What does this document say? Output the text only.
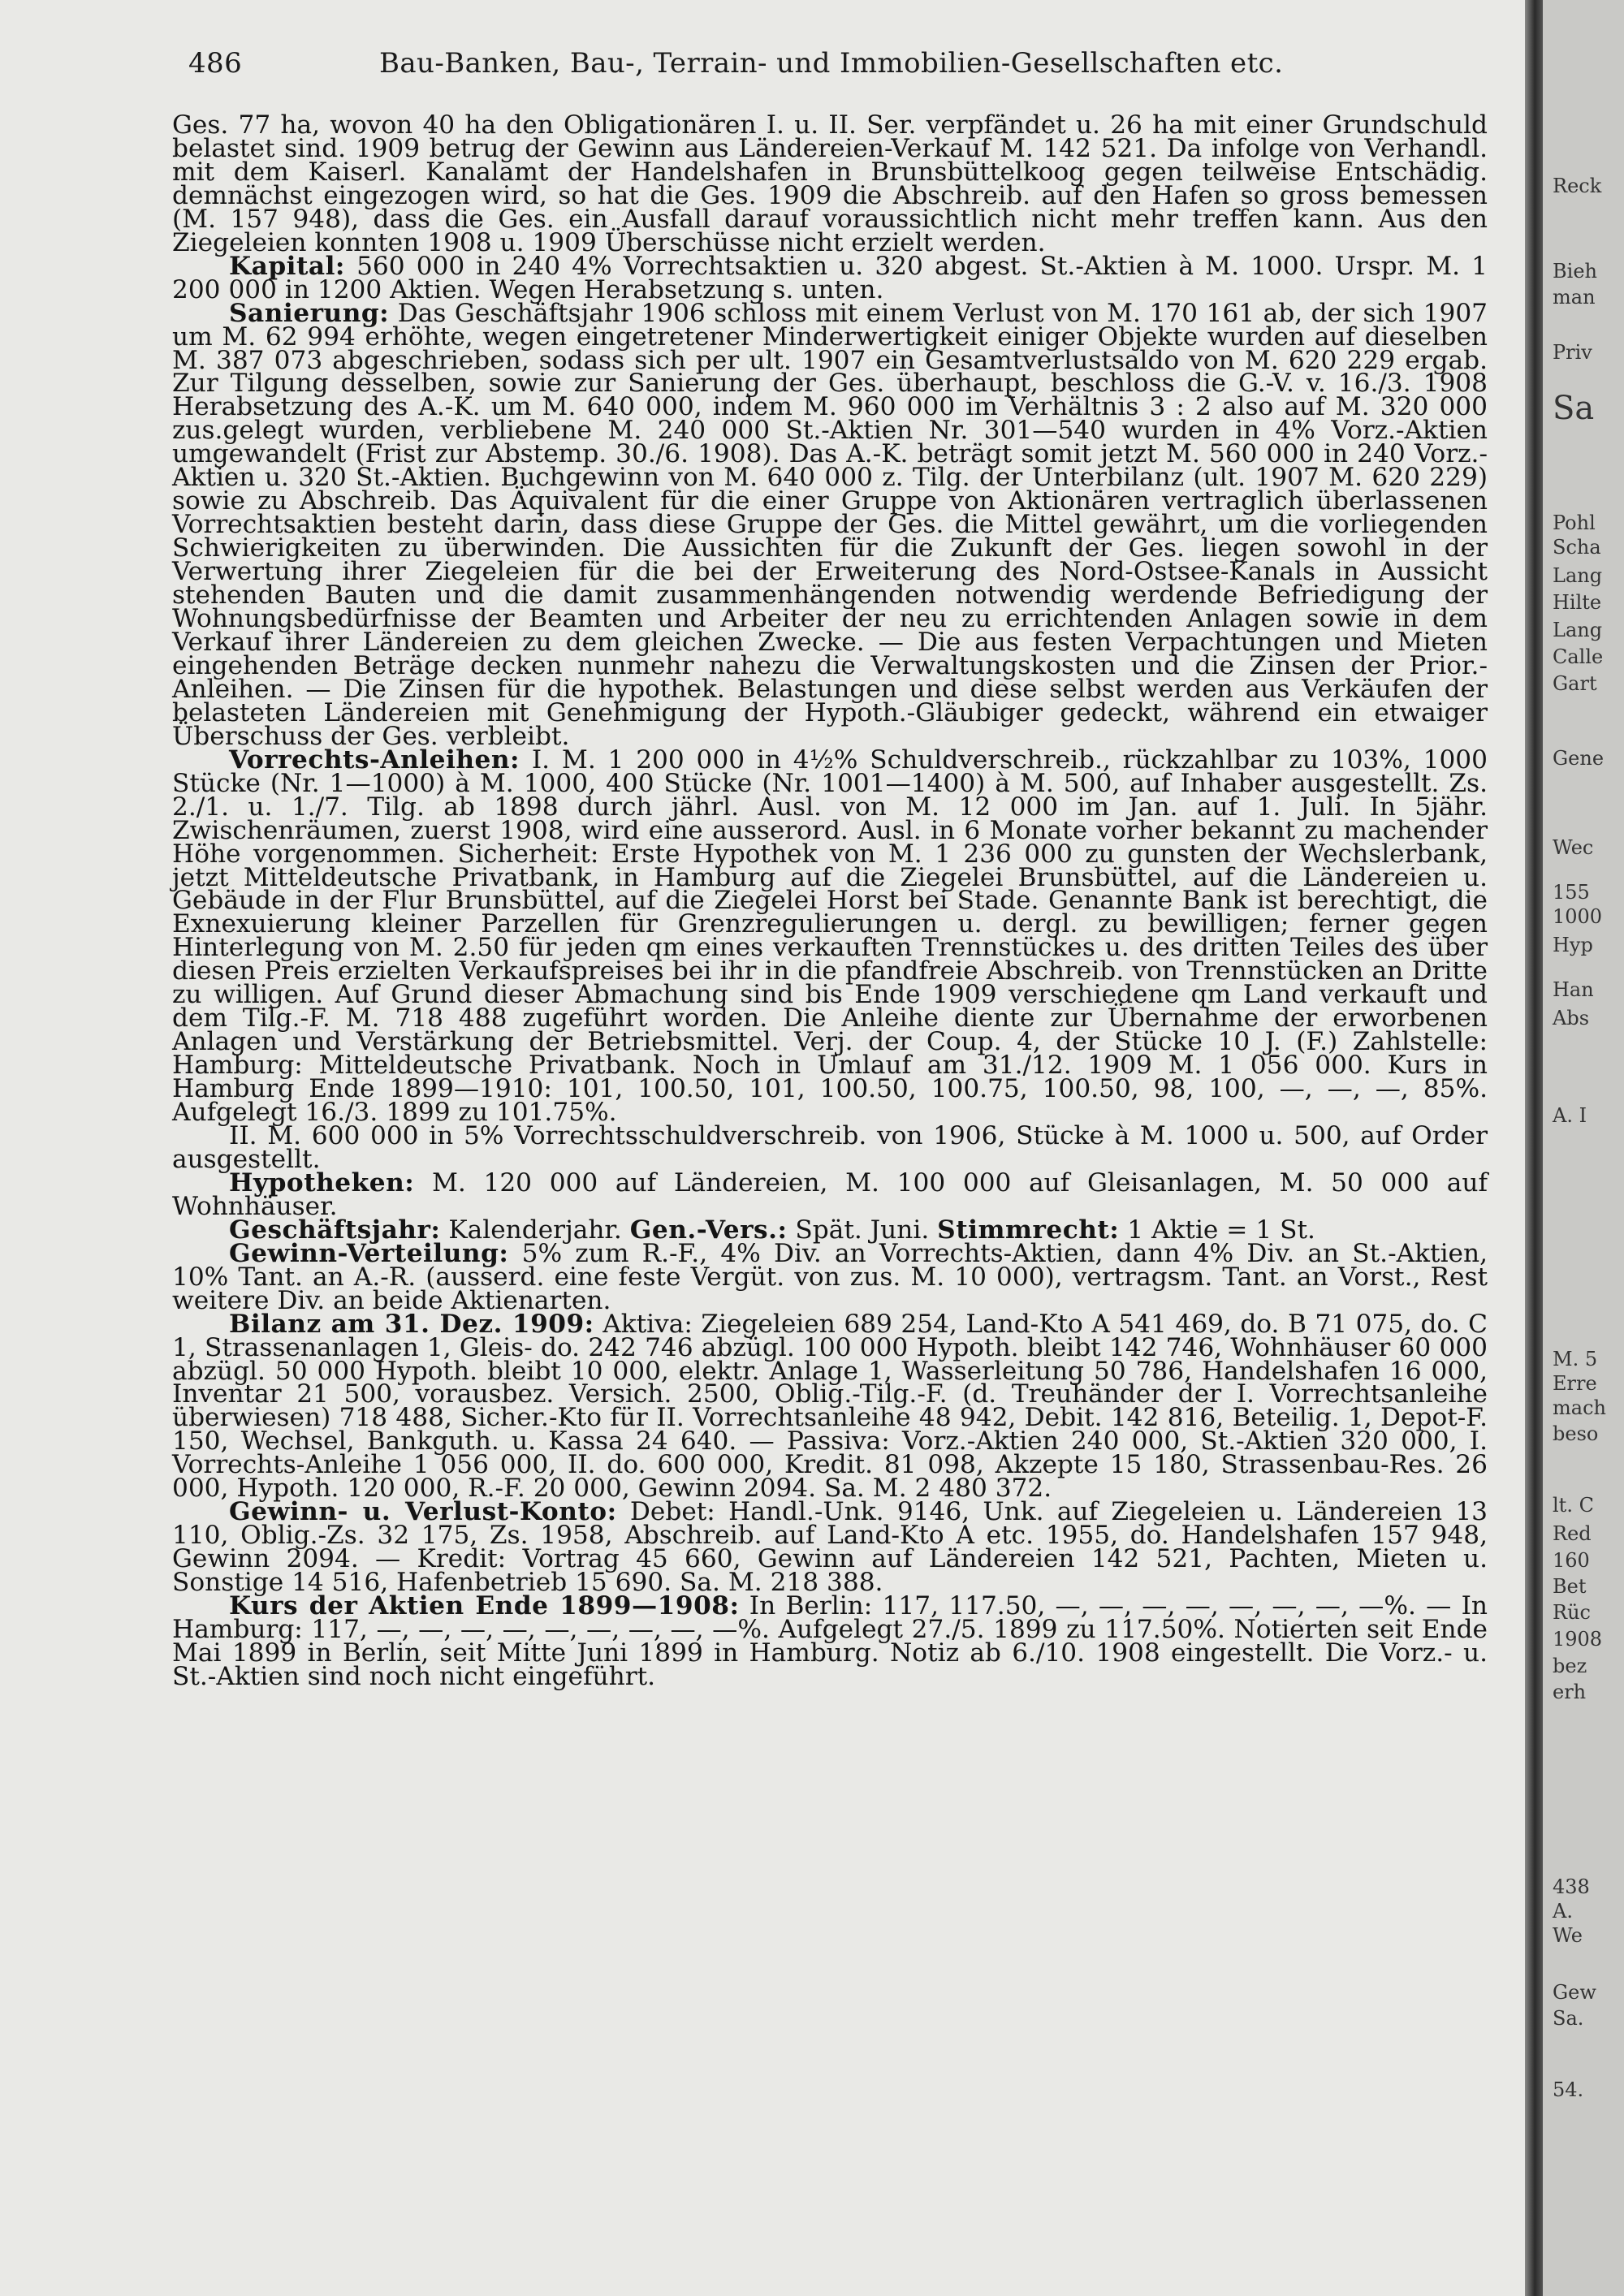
486	Bau-Banken, Bau-, Terrain- und Immobilien-Gesellschaften etc.

Ges. 77 ha, wovon 40 ha den Obligationären I. u. II. Ser. verpfändet u. 26 ha mit einer Grundschuld belastet sind. 1909 betrug der Gewinn aus Ländereien-Verkauf M. 142 521. Da infolge von Verhandl. mit dem Kaiserl. Kanalamt der Handelshafen in Brunsbüttelkoog gegen teilweise Entschädig. demnächst eingezogen wird, so hat die Ges. 1909 die Abschreib. auf den Hafen so gross bemessen (M. 157 948), dass die Ges. ein Ausfall darauf voraussichtlich nicht mehr treffen kann. Aus den Ziegeleien konnten 1908 u. 1909 Überschüsse nicht erzielt werden.

Kapital: 560 000 in 240 4% Vorrechtsaktien u. 320 abgest. St.-Aktien à M. 1000. Urspr. M. 1 200 000 in 1200 Aktien. Wegen Herabsetzung s. unten.

Sanierung: Das Geschäftsjahr 1906 schloss mit einem Verlust von M. 170 161 ab, der sich 1907 um M. 62 994 erhöhte, wegen eingetretener Minderwertigkeit einiger Objekte wurden auf dieselben M. 387 073 abgeschrieben, sodass sich per ult. 1907 ein Gesamtverlustsaldo von M. 620 229 ergab. Zur Tilgung desselben, sowie zur Sanierung der Ges. überhaupt, beschloss die G.-V. v. 16./3. 1908 Herabsetzung des A.-K. um M. 640 000, indem M. 960 000 im Verhältnis 3 : 2 also auf M. 320 000 zus.gelegt wurden, verbliebene M. 240 000 St.-Aktien Nr. 301—540 wurden in 4% Vorz.-Aktien umgewandelt (Frist zur Abstemp. 30./6. 1908). Das A.-K. beträgt somit jetzt M. 560 000 in 240 Vorz.-Aktien u. 320 St.-Aktien. Buchgewinn von M. 640 000 z. Tilg. der Unterbilanz (ult. 1907 M. 620 229) sowie zu Abschreib. Das Äquivalent für die einer Gruppe von Aktionären vertraglich überlassenen Vorrechtsaktien besteht darin, dass diese Gruppe der Ges. die Mittel gewährt, um die vorliegenden Schwierigkeiten zu überwinden. Die Aussichten für die Zukunft der Ges. liegen sowohl in der Verwertung ihrer Ziegeleien für die bei der Erweiterung des Nord-Ostsee-Kanals in Aussicht stehenden Bauten und die damit zusammenhängenden notwendig werdende Befriedigung der Wohnungsbedürfnisse der Beamten und Arbeiter der neu zu errichtenden Anlagen sowie in dem Verkauf ihrer Ländereien zu dem gleichen Zwecke. — Die aus festen Verpachtungen und Mieten eingehenden Beträge decken nunmehr nahezu die Verwaltungskosten und die Zinsen der Prior.-Anleihen. — Die Zinsen für die hypothek. Belastungen und diese selbst werden aus Verkäufen der belasteten Ländereien mit Genehmigung der Hypoth.-Gläubiger gedeckt, während ein etwaiger Überschuss der Ges. verbleibt.

Vorrechts-Anleihen: I. M. 1 200 000 in 4½% Schuldverschreib., rückzahlbar zu 103%, 1000 Stücke (Nr. 1—1000) à M. 1000, 400 Stücke (Nr. 1001—1400) à M. 500, auf Inhaber ausgestellt. Zs. 2./1. u. 1./7. Tilg. ab 1898 durch jährl. Ausl. von M. 12 000 im Jan. auf 1. Juli. In 5jähr. Zwischenräumen, zuerst 1908, wird eine ausserord. Ausl. in 6 Monate vorher bekannt zu machender Höhe vorgenommen. Sicherheit: Erste Hypothek von M. 1 236 000 zu gunsten der Wechslerbank, jetzt Mitteldeutsche Privatbank, in Hamburg auf die Ziegelei Brunsbüttel, auf die Ländereien u. Gebäude in der Flur Brunsbüttel, auf die Ziegelei Horst bei Stade. Genannte Bank ist berechtigt, die Exnexuierung kleiner Parzellen für Grenzregulierungen u. dergl. zu bewilligen; ferner gegen Hinterlegung von M. 2.50 für jeden qm eines verkauften Trennstückes u. des dritten Teiles des über diesen Preis erzielten Verkaufspreises bei ihr in die pfandfreie Abschreib. von Trennstücken an Dritte zu willigen. Auf Grund dieser Abmachung sind bis Ende 1909 verschiedene qm Land verkauft und dem Tilg.-F. M. 718 488 zugeführt worden. Die Anleihe diente zur Übernahme der erworbenen Anlagen und Verstärkung der Betriebsmittel. Verj. der Coup. 4, der Stücke 10 J. (F.) Zahlstelle: Hamburg: Mitteldeutsche Privatbank. Noch in Umlauf am 31./12. 1909 M. 1 056 000. Kurs in Hamburg Ende 1899—1910: 101, 100.50, 101, 100.50, 100.75, 100.50, 98, 100, —, —, —, 85%. Aufgelegt 16./3. 1899 zu 101.75%.

II. M. 600 000 in 5% Vorrechtsschuldverschreib. von 1906, Stücke à M. 1000 u. 500, auf Order ausgestellt.

Hypotheken: M. 120 000 auf Ländereien, M. 100 000 auf Gleisanlagen, M. 50 000 auf Wohnhäuser.

Geschäftsjahr: Kalenderjahr. Gen.-Vers.: Spät. Juni. Stimmrecht: 1 Aktie = 1 St.

Gewinn-Verteilung: 5% zum R.-F., 4% Div. an Vorrechts-Aktien, dann 4% Div. an St.-Aktien, 10% Tant. an A.-R. (ausserd. eine feste Vergüt. von zus. M. 10 000), vertragsm. Tant. an Vorst., Rest weitere Div. an beide Aktienarten.

Bilanz am 31. Dez. 1909: Aktiva: Ziegeleien 689 254, Land-Kto A 541 469, do. B 71 075, do. C 1, Strassenanlagen 1, Gleis- do. 242 746 abzügl. 100 000 Hypoth. bleibt 142 746, Wohnhäuser 60 000 abzügl. 50 000 Hypoth. bleibt 10 000, elektr. Anlage 1, Wasserleitung 50 786, Handelshafen 16 000, Inventar 21 500, vorausbez. Versich. 2500, Oblig.-Tilg.-F. (d. Treuhänder der I. Vorrechtsanleihe überwiesen) 718 488, Sicher.-Kto für II. Vorrechtsanleihe 48 942, Debit. 142 816, Beteilig. 1, Depot-F. 150, Wechsel, Bankguth. u. Kassa 24 640. — Passiva: Vorz.-Aktien 240 000, St.-Aktien 320 000, I. Vorrechts-Anleihe 1 056 000, II. do. 600 000, Kredit. 81 098, Akzepte 15 180, Strassenbau-Res. 26 000, Hypoth. 120 000, R.-F. 20 000, Gewinn 2094. Sa. M. 2 480 372.

Gewinn- u. Verlust-Konto: Debet: Handl.-Unk. 9146, Unk. auf Ziegeleien u. Ländereien 13 110, Oblig.-Zs. 32 175, Zs. 1958, Abschreib. auf Land-Kto A etc. 1955, do. Handelshafen 157 948, Gewinn 2094. — Kredit: Vortrag 45 660, Gewinn auf Ländereien 142 521, Pachten, Mieten u. Sonstige 14 516, Hafenbetrieb 15 690. Sa. M. 218 388.

Kurs der Aktien Ende 1899—1908: In Berlin: 117, 117.50, —, —, —, —, —, —, —, —%. — In Hamburg: 117, —, —, —, —, —, —, —, —, —%. Aufgelegt 27./5. 1899 zu 117.50%. Notierten seit Ende Mai 1899 in Berlin, seit Mitte Juni 1899 in Hamburg. Notiz ab 6./10. 1908 eingestellt. Die Vorz.- u. St.-Aktien sind noch nicht eingeführt.

Reck
Bieh
man
Priv
Sa
Pohl
Scha
Lang
Hilte
Lang
Calle
Gart
Gene
Wec
155
1000
Hyp
Han
Abs
A. I
M. 5
Erre
mach
beso
lt. C
Red
160
Bet
Rüc
1908
bez
erh
438
A.
We
Gew
Sa.
54.
